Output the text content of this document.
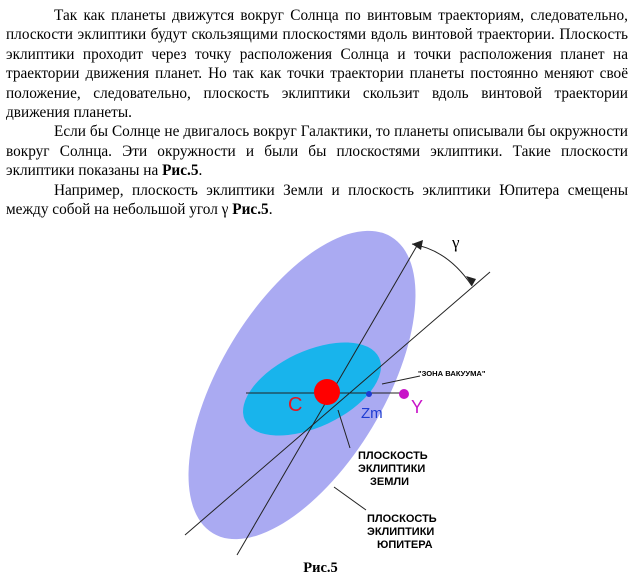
Так как планеты движутся вокруг Солнца по винтовым траекториям, следовательно, плоскости эклиптики будут скользящими плоскостями вдоль винтовой траектории. Плоскость эклиптики проходит через точку расположения Солнца и точки расположения планет на траектории движения планет. Но так как точки траектории планеты постоянно меняют своё положение, следовательно, плоскость эклиптики скользит вдоль винтовой траектории движения планеты.

Если бы Солнце не двигалось вокруг Галактики, то планеты описывали бы окружности вокруг Солнца. Эти окружности и были бы плоскостями эклиптики. Такие плоскости эклиптики показаны на Рис.5.

Например, плоскость эклиптики Земли и плоскость эклиптики Юпитера смещены между собой на небольшой угол γ Рис.5.

γ
"ЗОНА ВАКУУМА"
C	Zm Y
ПЛОСКОСТЬ
ЭКЛИПТИКИ
ЗЕМЛИ
ПЛОСКОСТЬ
ЭКЛИПТИКИ
ЮПИТЕРА
Рис.5
